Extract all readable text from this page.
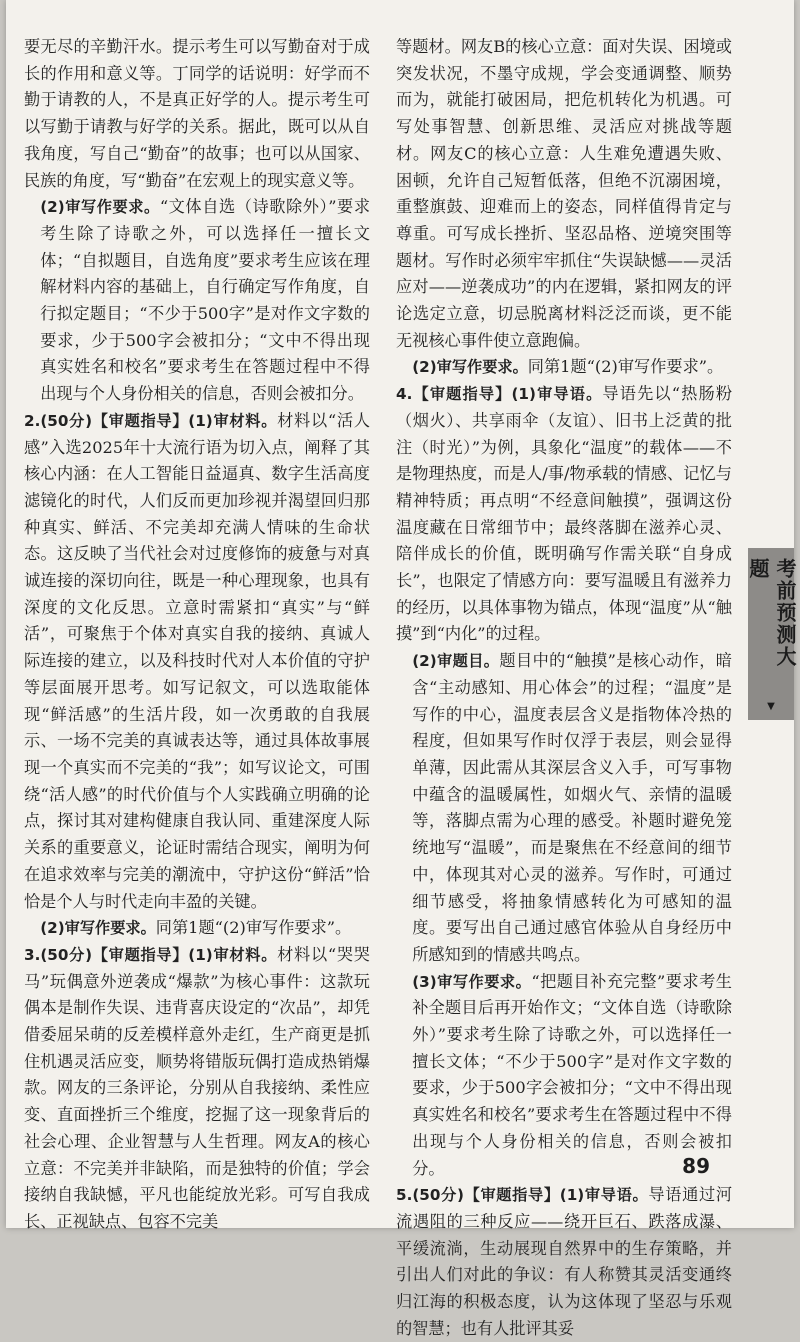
要无尽的辛勤汗水。提示考生可以写勤奋对于成长的作用和意义等。丁同学的话说明：好学而不勤于请教的人，不是真正好学的人。提示考生可以写勤于请教与好学的关系。据此，既可以从自我角度，写自己“勤奋”的故事；也可以从国家、民族的角度，写“勤奋”在宏观上的现实意义等。

(2)审写作要求。“文体自选（诗歌除外）”要求考生除了诗歌之外，可以选择任一擅长文体；“自拟题目，自选角度”要求考生应该在理解材料内容的基础上，自行确定写作角度，自行拟定题目；“不少于500字”是对作文字数的要求，少于500字会被扣分；“文中不得出现真实姓名和校名”要求考生在答题过程中不得出现与个人身份相关的信息，否则会被扣分。

2.(50分)【审题指导】(1)审材料。材料以“活人感”入选2025年十大流行语为切入点，阐释了其核心内涵：在人工智能日益逼真、数字生活高度滤镜化的时代，人们反而更加珍视并渴望回归那种真实、鲜活、不完美却充满人情味的生命状态。这反映了当代社会对过度修饰的疲惫与对真诚连接的深切向往，既是一种心理现象，也具有深度的文化反思。立意时需紧扣“真实”与“鲜活”，可聚焦于个体对真实自我的接纳、真诚人际连接的建立，以及科技时代对人本价值的守护等层面展开思考。如写记叙文，可以选取能体现“鲜活感”的生活片段，如一次勇敢的自我展示、一场不完美的真诚表达等，通过具体故事展现一个真实而不完美的“我”；如写议论文，可围绕“活人感”的时代价值与个人实践确立明确的论点，探讨其对建构健康自我认同、重建深度人际关系的重要意义，论证时需结合现实，阐明为何在追求效率与完美的潮流中，守护这份“鲜活”恰恰是个人与时代走向丰盈的关键。

(2)审写作要求。同第1题“(2)审写作要求”。

3.(50分)【审题指导】(1)审材料。材料以“哭哭马”玩偶意外逆袭成“爆款”为核心事件：这款玩偶本是制作失误、违背喜庆设定的“次品”，却凭借委屈呆萌的反差模样意外走红，生产商更是抓住机遇灵活应变，顺势将错版玩偶打造成热销爆款。网友的三条评论，分别从自我接纳、柔性应变、直面挫折三个维度，挖掘了这一现象背后的社会心理、企业智慧与人生哲理。网友A的核心立意：不完美并非缺陷，而是独特的价值；学会接纳自我缺憾，平凡也能绽放光彩。可写自我成长、正视缺点、包容不完美

等题材。网友B的核心立意：面对失误、困境或突发状况，不墨守成规，学会变通调整、顺势而为，就能打破困局，把危机转化为机遇。可写处事智慧、创新思维、灵活应对挑战等题材。网友C的核心立意：人生难免遭遇失败、困顿，允许自己短暂低落，但绝不沉溺困境，重整旗鼓、迎难而上的姿态，同样值得肯定与尊重。可写成长挫折、坚忍品格、逆境突围等题材。写作时必须牢牢抓住“失误缺憾——灵活应对——逆袭成功”的内在逻辑，紧扣网友的评论选定立意，切忌脱离材料泛泛而谈，更不能无视核心事件使立意跑偏。

(2)审写作要求。同第1题“(2)审写作要求”。

4.【审题指导】(1)审导语。导语先以“热肠粉（烟火）、共享雨伞（友谊）、旧书上泛黄的批注（时光）”为例，具象化“温度”的载体——不是物理热度，而是人/事/物承载的情感、记忆与精神特质；再点明“不经意间触摸”，强调这份温度藏在日常细节中；最终落脚在滋养心灵、陪伴成长的价值，既明确写作需关联“自身成长”，也限定了情感方向：要写温暖且有滋养力的经历，以具体事物为锚点，体现“温度”从“触摸”到“内化”的过程。

(2)审题目。题目中的“触摸”是核心动作，暗含“主动感知、用心体会”的过程；“温度”是写作的中心，温度表层含义是指物体冷热的程度，但如果写作时仅浮于表层，则会显得单薄，因此需从其深层含义入手，可写事物中蕴含的温暖属性，如烟火气、亲情的温暖等，落脚点需为心理的感受。补题时避免笼统地写“温暖”，而是聚焦在不经意间的细节中，体现其对心灵的滋养。写作时，可通过细节感受，将抽象情感转化为可感知的温度。要写出自己通过感官体验从自身经历中所感知到的情感共鸣点。

(3)审写作要求。“把题目补充完整”要求考生补全题目后再开始作文；“文体自选（诗歌除外）”要求考生除了诗歌之外，可以选择任一擅长文体；“不少于500字”是对作文字数的要求，少于500字会被扣分；“文中不得出现真实姓名和校名”要求考生在答题过程中不得出现与个人身份相关的信息，否则会被扣分。

5.(50分)【审题指导】(1)审导语。导语通过河流遇阻的三种反应——绕开巨石、跌落成瀑、平缓流淌，生动展现自然界中的生存策略，并引出人们对此的争议：有人称赞其灵活变通终归江海的积极态度，认为这体现了坚忍与乐观的智慧；也有人批评其妥

考前预测大题
▼
89
